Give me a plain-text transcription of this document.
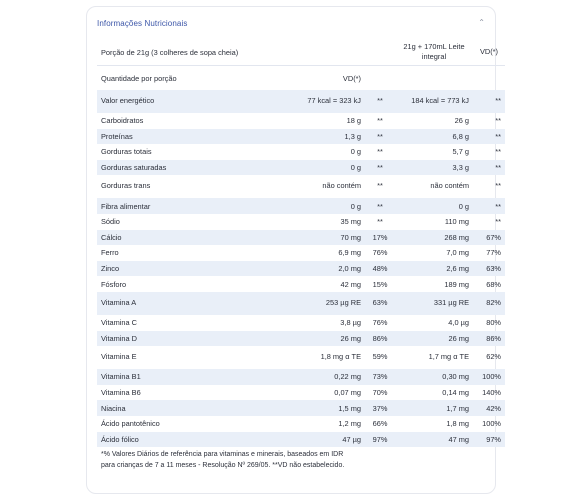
Informações Nutricionais	⌃
Porção de 21g (3 colheres de sopa cheia)			21g + 170mL Leite integral	VD(*)
Quantidade por porção	VD(*)			
Valor energético	77 kcal = 323 kJ	**	184 kcal = 773 kJ	**
Carboidratos	18 g	**	26 g	**
Proteínas	1,3 g	**	6,8 g	**
Gorduras totais	0 g	**	5,7 g	**
Gorduras saturadas	0 g	**	3,3 g	**
Gorduras trans	não contém	**	não contém	**
Fibra alimentar	0 g	**	0 g	**
Sódio	35 mg	**	110 mg	**
Cálcio	70 mg	17%	268 mg	67%
Ferro	6,9 mg	76%	7,0 mg	77%
Zinco	2,0 mg	48%	2,6 mg	63%
Fósforo	42 mg	15%	189 mg	68%
Vitamina A	253 µg RE	63%	331 µg RE	82%
Vitamina C	3,8 µg	76%	4,0 µg	80%
Vitamina D	26 mg	86%	26 mg	86%
Vitamina E	1,8 mg α TE	59%	1,7 mg α TE	62%
Vitamina B1	0,22 mg	73%	0,30 mg	100%
Vitamina B6	0,07 mg	70%	0,14 mg	140%
Niacina	1,5 mg	37%	1,7 mg	42%
Ácido pantotênico	1,2 mg	66%	1,8 mg	100%
Ácido fólico	47 µg	97%	47 mg	97%
*% Valores Diários de referência para vitaminas e minerais, baseados em IDR para crianças de 7 a 11 meses - Resolução Nº 269/05. **VD não estabelecido.
